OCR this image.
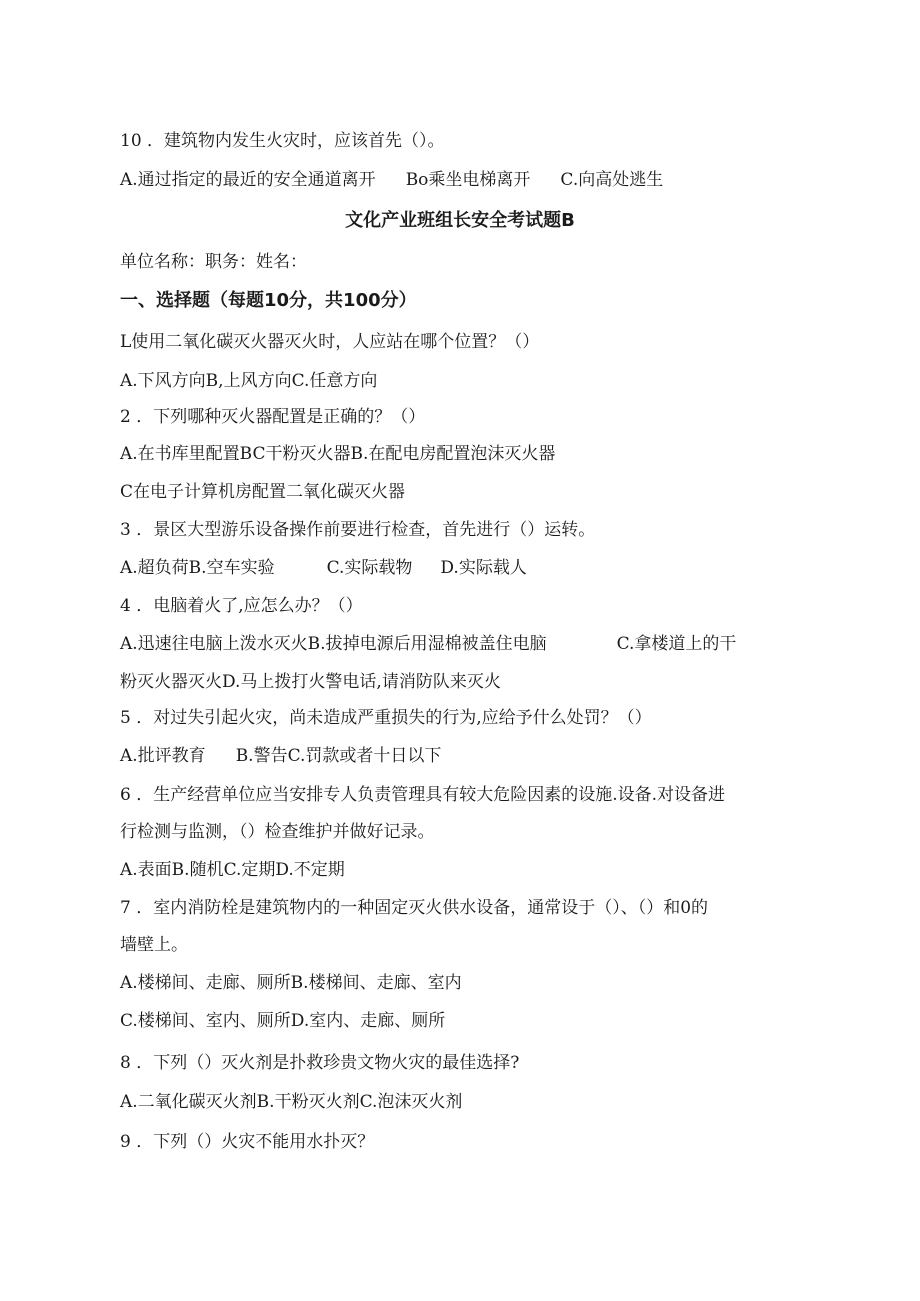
10 ．建筑物内发生火灾时，应该首先（）。
A.通过指定的最近的安全通道离开 Bo乘坐电梯离开 C.向高处逃生
文化产业班组长安全考试题B
单位名称：职务：姓名：
一、选择题（每题10分，共100分）
L使用二氧化碳灭火器灭火时，人应站在哪个位置？（）
A.下风方向B,上风方向C.任意方向
2 ．下列哪种灭火器配置是正确的？（）
A.在书库里配置BC干粉灭火器B.在配电房配置泡沫灭火器
C在电子计算机房配置二氧化碳灭火器
3 ．景区大型游乐设备操作前要进行检查，首先进行（）运转。
A.超负荷B.空车实验	C.实际载物 D.实际载人
4 ．电脑着火了,应怎么办？（）
A.迅速往电脑上泼水灭火B.拔掉电源后用湿棉被盖住电脑	C.拿楼道上的干
粉灭火器灭火D.马上拨打火警电话,请消防队来灭火
5 ．对过失引起火灾，尚未造成严重损失的行为,应给予什么处罚？（）
A.批评教育 B.警告C.罚款或者十日以下
6 ．生产经营单位应当安排专人负责管理具有较大危险因素的设施.设备.对设备进
行检测与监测，（）检查维护并做好记录。
A.表面B.随机C.定期D.不定期
7 ．室内消防栓是建筑物内的一种固定灭火供水设备，通常设于（）、（）和0的
墙壁上。
A.楼梯间、走廊、厕所B.楼梯间、走廊、室内
C.楼梯间、室内、厕所D.室内、走廊、厕所
8 ．下列（）灭火剂是扑救珍贵文物火灾的最佳选择?
A.二氧化碳灭火剂B.干粉灭火剂C.泡沫灭火剂
9 ．下列（）火灾不能用水扑灭？
